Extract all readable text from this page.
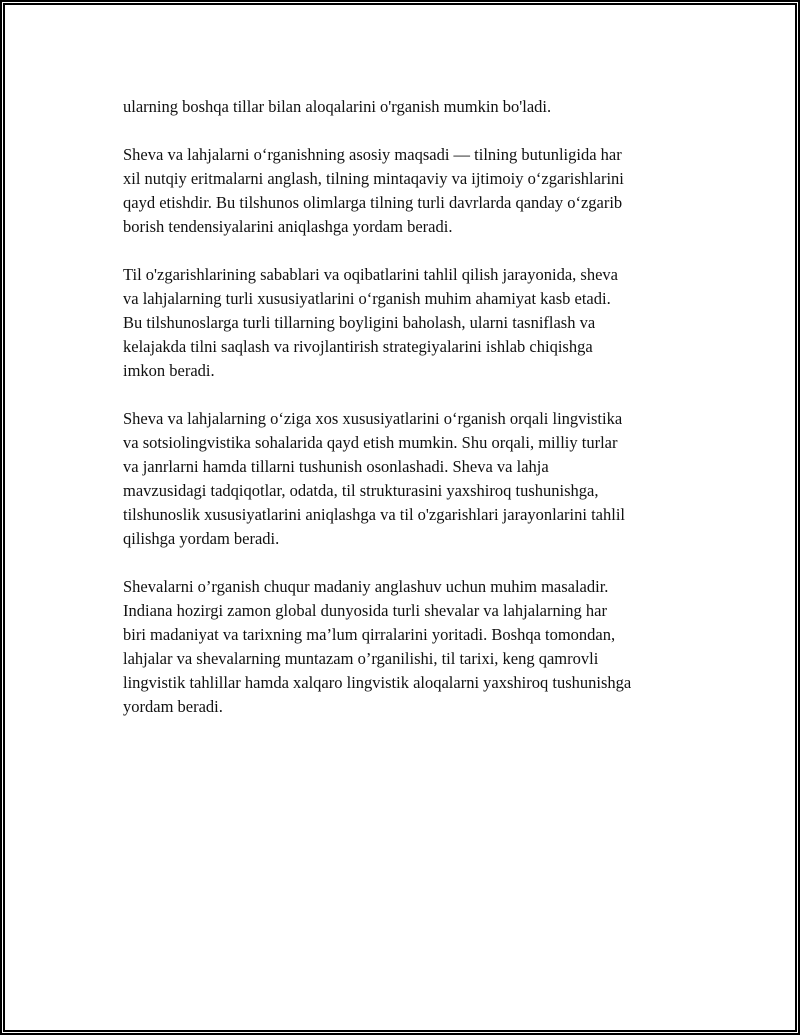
ularning boshqa tillar bilan aloqalarini o'rganish mumkin bo'ladi.

Sheva va lahjalarni o‘rganishning asosiy maqsadi — tilning butunligida har
xil nutqiy eritmalarni anglash, tilning mintaqaviy va ijtimoiy o‘zgarishlarini
qayd etishdir. Bu tilshunos olimlarga tilning turli davrlarda qanday o‘zgarib
borish tendensiyalarini aniqlashga yordam beradi.

Til o'zgarishlarining sabablari va oqibatlarini tahlil qilish jarayonida, sheva
va lahjalarning turli xususiyatlarini o‘rganish muhim ahamiyat kasb etadi.
Bu tilshunoslarga turli tillarning boyligini baholash, ularni tasniflash va
kelajakda tilni saqlash va rivojlantirish strategiyalarini ishlab chiqishga
imkon beradi.

Sheva va lahjalarning o‘ziga xos xususiyatlarini o‘rganish orqali lingvistika
va sotsiolingvistika sohalarida qayd etish mumkin. Shu orqali, milliy turlar
va janrlarni hamda tillarni tushunish osonlashadi. Sheva va lahja
mavzusidagi tadqiqotlar, odatda, til strukturasini yaxshiroq tushunishga,
tilshunoslik xususiyatlarini aniqlashga va til o'zgarishlari jarayonlarini tahlil
qilishga yordam beradi.

Shevalarni o’rganish chuqur madaniy anglashuv uchun muhim masaladir.
Indiana hozirgi zamon global dunyosida turli shevalar va lahjalarning har
biri madaniyat va tarixning ma’lum qirralarini yoritadi. Boshqa tomondan,
lahjalar va shevalarning muntazam o’rganilishi, til tarixi, keng qamrovli
lingvistik tahlillar hamda xalqaro lingvistik aloqalarni yaxshiroq tushunishga
yordam beradi.
